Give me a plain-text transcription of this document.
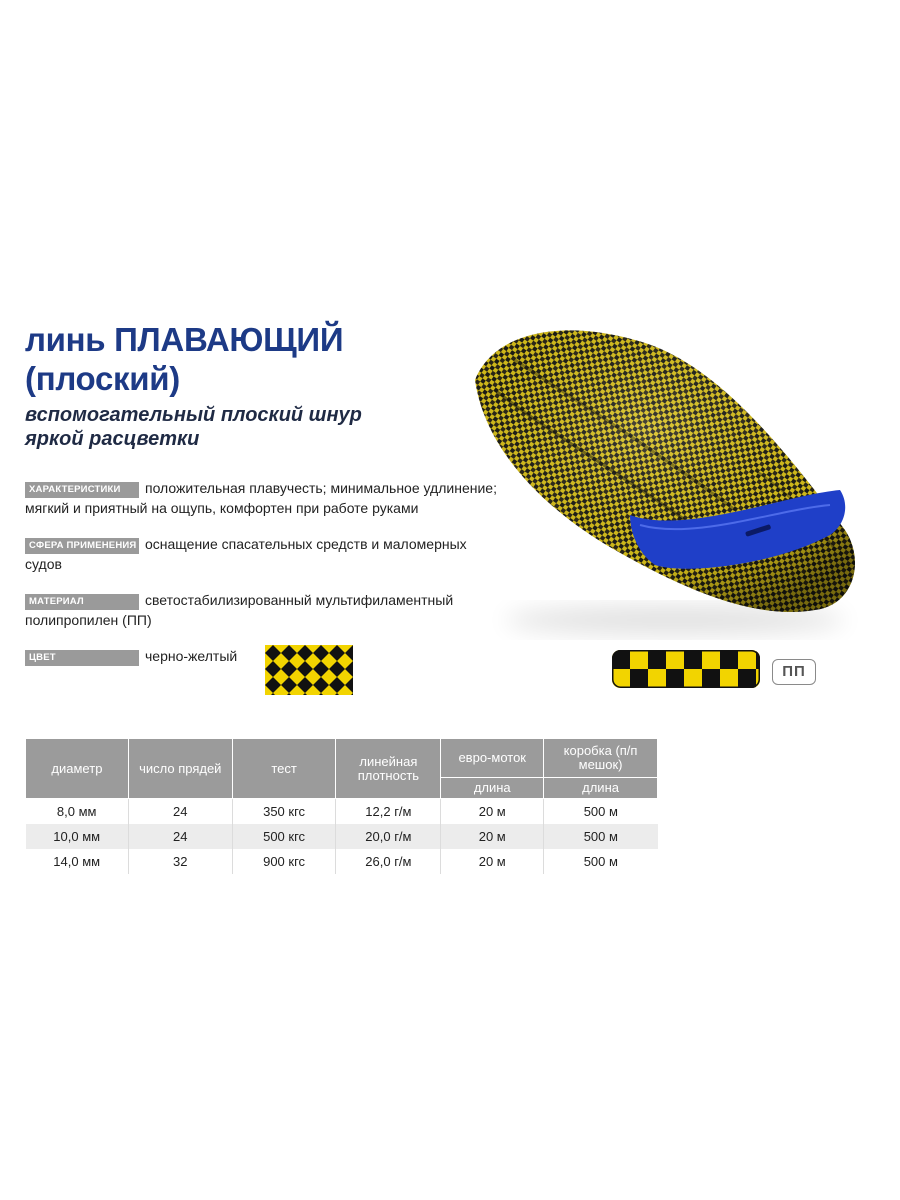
линь ПЛАВАЮЩИЙ
(плоский)
вспомогательный плоский шнур
яркой расцветки
ХАРАКТЕРИСТИКИ положительная плавучесть; минимальное удлинение; мягкий и приятный на ощупь, комфортен при работе руками
СФЕРА ПРИМЕНЕНИЯ оснащение спасательных средств и маломерных судов
МАТЕРИАЛ	светостабилизированный мультифиламентный полипропилен (ПП)
ЦВЕТ	черно-желтый
ПП
диаметр	число прядей	тест	линейная плотность	евро-моток	коробка (п/п мешок)
				длина	длина
8,0 мм	24	350 кгс	12,2 г/м	20 м	500 м
10,0 мм	24	500 кгс	20,0 г/м	20 м	500 м
14,0 мм	32	900 кгс	26,0 г/м	20 м	500 м
